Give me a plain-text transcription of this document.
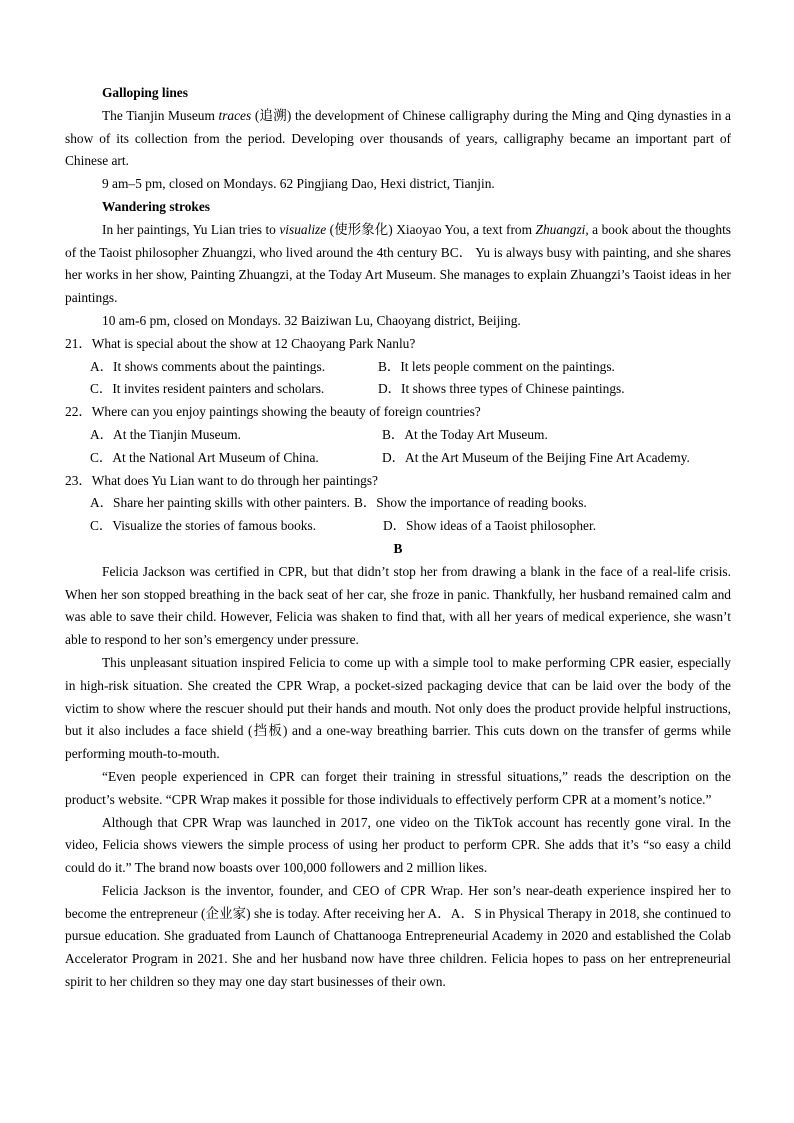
Galloping lines

The Tianjin Museum traces (追溯) the development of Chinese calligraphy during the Ming and Qing dynasties in a show of its collection from the period. Developing over thousands of years, calligraphy became an important part of Chinese art.

9 am–5 pm, closed on Mondays. 62 Pingjiang Dao, Hexi district, Tianjin.

Wandering strokes

In her paintings, Yu Lian tries to visualize (使形象化) Xiaoyao You, a text from Zhuangzi, a book about the thoughts of the Taoist philosopher Zhuangzi, who lived around the 4th century BC． Yu is always busy with painting, and she shares her works in her show, Painting Zhuangzi, at the Today Art Museum. She manages to explain Zhuangzi’s Taoist ideas in her paintings.

10 am-6 pm, closed on Mondays. 32 Baiziwan Lu, Chaoyang district, Beijing.

21．What is special about the show at 12 Chaoyang Park Nanlu?

A．It shows comments about the paintings.	B．It lets people comment on the paintings.
C．It invites resident painters and scholars.	D．It shows three types of Chinese paintings.

22．Where can you enjoy paintings showing the beauty of foreign countries?

A．At the Tianjin Museum.	B．At the Today Art Museum.
C．At the National Art Museum of China.	D．At the Art Museum of the Beijing Fine Art Academy.

23．What does Yu Lian want to do through her paintings?

A．Share her painting skills with other painters. B．Show the importance of reading books.
C．Visualize the stories of famous books.	D．Show ideas of a Taoist philosopher.

B

Felicia Jackson was certified in CPR, but that didn’t stop her from drawing a blank in the face of a real-life crisis. When her son stopped breathing in the back seat of her car, she froze in panic. Thankfully, her husband remained calm and was able to save their child. However, Felicia was shaken to find that, with all her years of medical experience, she wasn’t able to respond to her son’s emergency under pressure.

This unpleasant situation inspired Felicia to come up with a simple tool to make performing CPR easier, especially in high-risk situation. She created the CPR Wrap, a pocket-sized packaging device that can be laid over the body of the victim to show where the rescuer should put their hands and mouth. Not only does the product provide helpful instructions, but it also includes a face shield (挡板) and a one-way breathing barrier. This cuts down on the transfer of germs while performing mouth-to-mouth.

“Even people experienced in CPR can forget their training in stressful situations,” reads the description on the product’s website. “CPR Wrap makes it possible for those individuals to effectively perform CPR at a moment’s notice.”

Although that CPR Wrap was launched in 2017, one video on the TikTok account has recently gone viral. In the video, Felicia shows viewers the simple process of using her product to perform CPR. She adds that it’s “so easy a child could do it.” The brand now boasts over 100,000 followers and 2 million likes.

Felicia Jackson is the inventor, founder, and CEO of CPR Wrap. Her son’s near-death experience inspired her to become the entrepreneur (企业家) she is today. After receiving her A．A．S in Physical Therapy in 2018, she continued to pursue education. She graduated from Launch of Chattanooga Entrepreneurial Academy in 2020 and established the Colab Accelerator Program in 2021. She and her husband now have three children. Felicia hopes to pass on her entrepreneurial spirit to her children so they may one day start businesses of their own.
